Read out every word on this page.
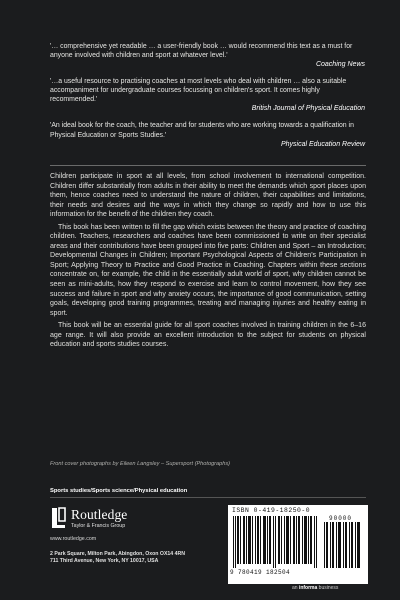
'… comprehensive yet readable … a user-friendly book … would recommend this text as a must for anyone involved with children and sport at whatever level.'
Coaching News
'…a useful resource to practising coaches at most levels who deal with children … also a suitable accompaniment for undergraduate courses focussing on children's sport. It comes highly recommended.'
British Journal of Physical Education
'An ideal book for the coach, the teacher and for students who are working towards a qualification in Physical Education or Sports Studies.'
Physical Education Review

Children participate in sport at all levels, from school involvement to international competition. Children differ substantially from adults in their ability to meet the demands which sport places upon them, hence coaches need to understand the nature of children, their capabilities and limitations, their needs and desires and the ways in which they change so rapidly and how to use this information for the benefit of the children they coach.

This book has been written to fill the gap which exists between the theory and practice of coaching children. Teachers, researchers and coaches have been commissioned to write on their specialist areas and their contributions have been grouped into five parts: Children and Sport – an Introduction; Developmental Changes in Children; Important Psychological Aspects of Children's Participation in Sport; Applying Theory to Practice and Good Practice in Coaching. Chapters within these sections concentrate on, for example, the child in the essentially adult world of sport, why children cannot be seen as mini-adults, how they respond to exercise and learn to control movement, how they see success and failure in sport and why anxiety occurs, the importance of good communication, setting goals, developing good training programmes, treating and managing injuries and healthy eating in sport.

This book will be an essential guide for all sport coaches involved in training children in the 6–16 age range. It will also provide an excellent introduction to the subject for students on physical education and sports studies courses.

Front cover photographs by Eileen Langsley – Supersport (Photographs)
Sports studies/Sports science/Physical education
Routledge
Taylor & Francis Group
www.routledge.com
2 Park Square, Milton Park, Abingdon, Oxon OX14 4RN
711 Third Avenue, New York, NY 10017, USA
ISBN 0-419-18250-0
9 780419 182504
90000
an informa business
